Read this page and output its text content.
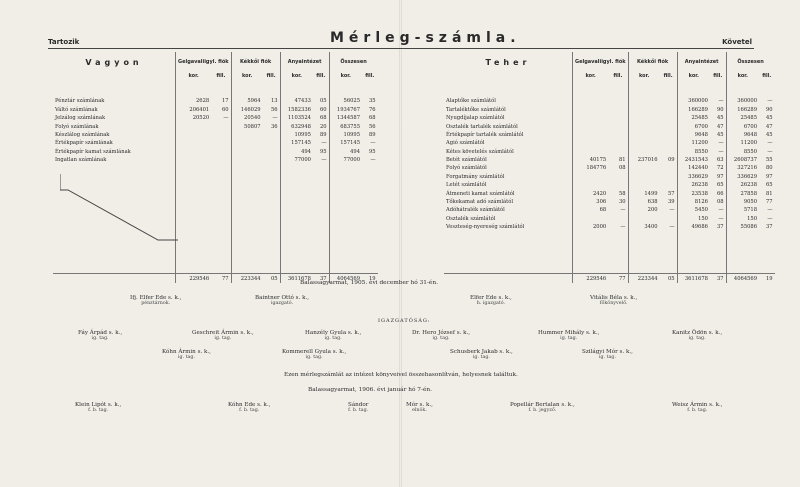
Tartozik	Mérleg-számla.	Követel
Vagyon	Gelgavaliigyl. fiók		Kékkői fiók		Anyaintézet		Összesen	
	kor.	fill.	kor.	fill.	kor.	fill.	kor.	fill.

Pénztár számlának	2628	17	5964	13	47433	05	56025	35
Váltó számlának	206401	60	146029	56	1582336	60	1934767	76
Jelzálog számlának	20520	—	20540	—	1103524	68	1344587	68
Folyó számlának			50807	36	632948	20	683755	56
Készlálog számlának					10995	89	10995	89
Értékpapír számlának					157145	—	157145	—
Értékpapír kamat számlának					494	95	494	95
Ingatlan számlának					77000	—	77000	—

	229546	77	223344	05	3611678	37	4064569	19
Teher	Gelgavaliigyl. fiók		Kékkői fiók		Anyaintézet		Összesen	
	kor.	fill.	kor.	fill.	kor.	fill.	kor.	fill.

Alaptőke számlától					360000	—	360000	—
Tartaléktőke számlától					166289	90	166289	90
Nyugdíjalap számlától					25485	45	25485	45
Osztalék tartalék számlától					6700	47	6700	47
Értékpapír tartalék számlától					9648	45	9648	45
Agió számlától					11200	—	11200	—
Kétes követelés számlától					8550	—	8550	—
Betét számlától	40175	81	237016	09	2431543	63	2608737	55
Folyó számlától	184776	08			142440	72	327216	80
Forgatmány számlától					336629	97	336629	97
Letét számlától					26238	65	26238	65
Átmeneti kamat számlától	2420	58	1499	57	23538	66	27858	81
Tőkekamat adó számlától	306	30	638	39	8126	08	9050	77
Adóhátralék számlától	68	—	200	—	5450	—	5718	—
Osztalék számlától					150	—	150	—
Veszteség-nyereség számlától	2000	—	3400	—	49686	37	55086	37

	229546	77	223344	05	3611678	37	4064569	19
Balassagyarmat, 1905. évi december hó 31-én.
Ifj. Elfer Ede s. k.,
pénztárnok.
Baintner Ottó s. k.,
igazgató.
Elfer Ede s. k.,
h. igazgató.
Vitális Béla s. k.,
főkönyvelő.
IGAZGATÓSÁG:
Fáy Árpád s. k.,
ig. tag.
Geschreit Ármin s. k.,
ig. tag.
Hanzély Gyula s. k.,
ig. tag.
Dr. Hero József s. k.,
ig. tag.
Hummer Mihály s. k.,
ig. tag.
Kanitz Ödön s. k.,
ig. tag.
Kóhn Ármin s. k.,
ig. tag.
Kommerell Gyula s. k.,
ig. tag.
Schusberk Jakab s. k.,
ig. tag.
Szilágyi Mór s. k.,
ig. tag.
Ezen mérlegszámlát az intézet könyveivel összehasonlítván, helyesnek találtuk.
Balassagyarmat, 1906. évi január hó 7-én.
Klein Lipót s. k.,
f. b. tag.
Kóhn Ede s. k.,
f. b. tag.
Sándor
f. b. tag.
Mór s. k.,
elnök.
Popellár Bertalan s. k.,
f. b. jegyző.
Weisz Ármin s. k.,
f. b. tag.
